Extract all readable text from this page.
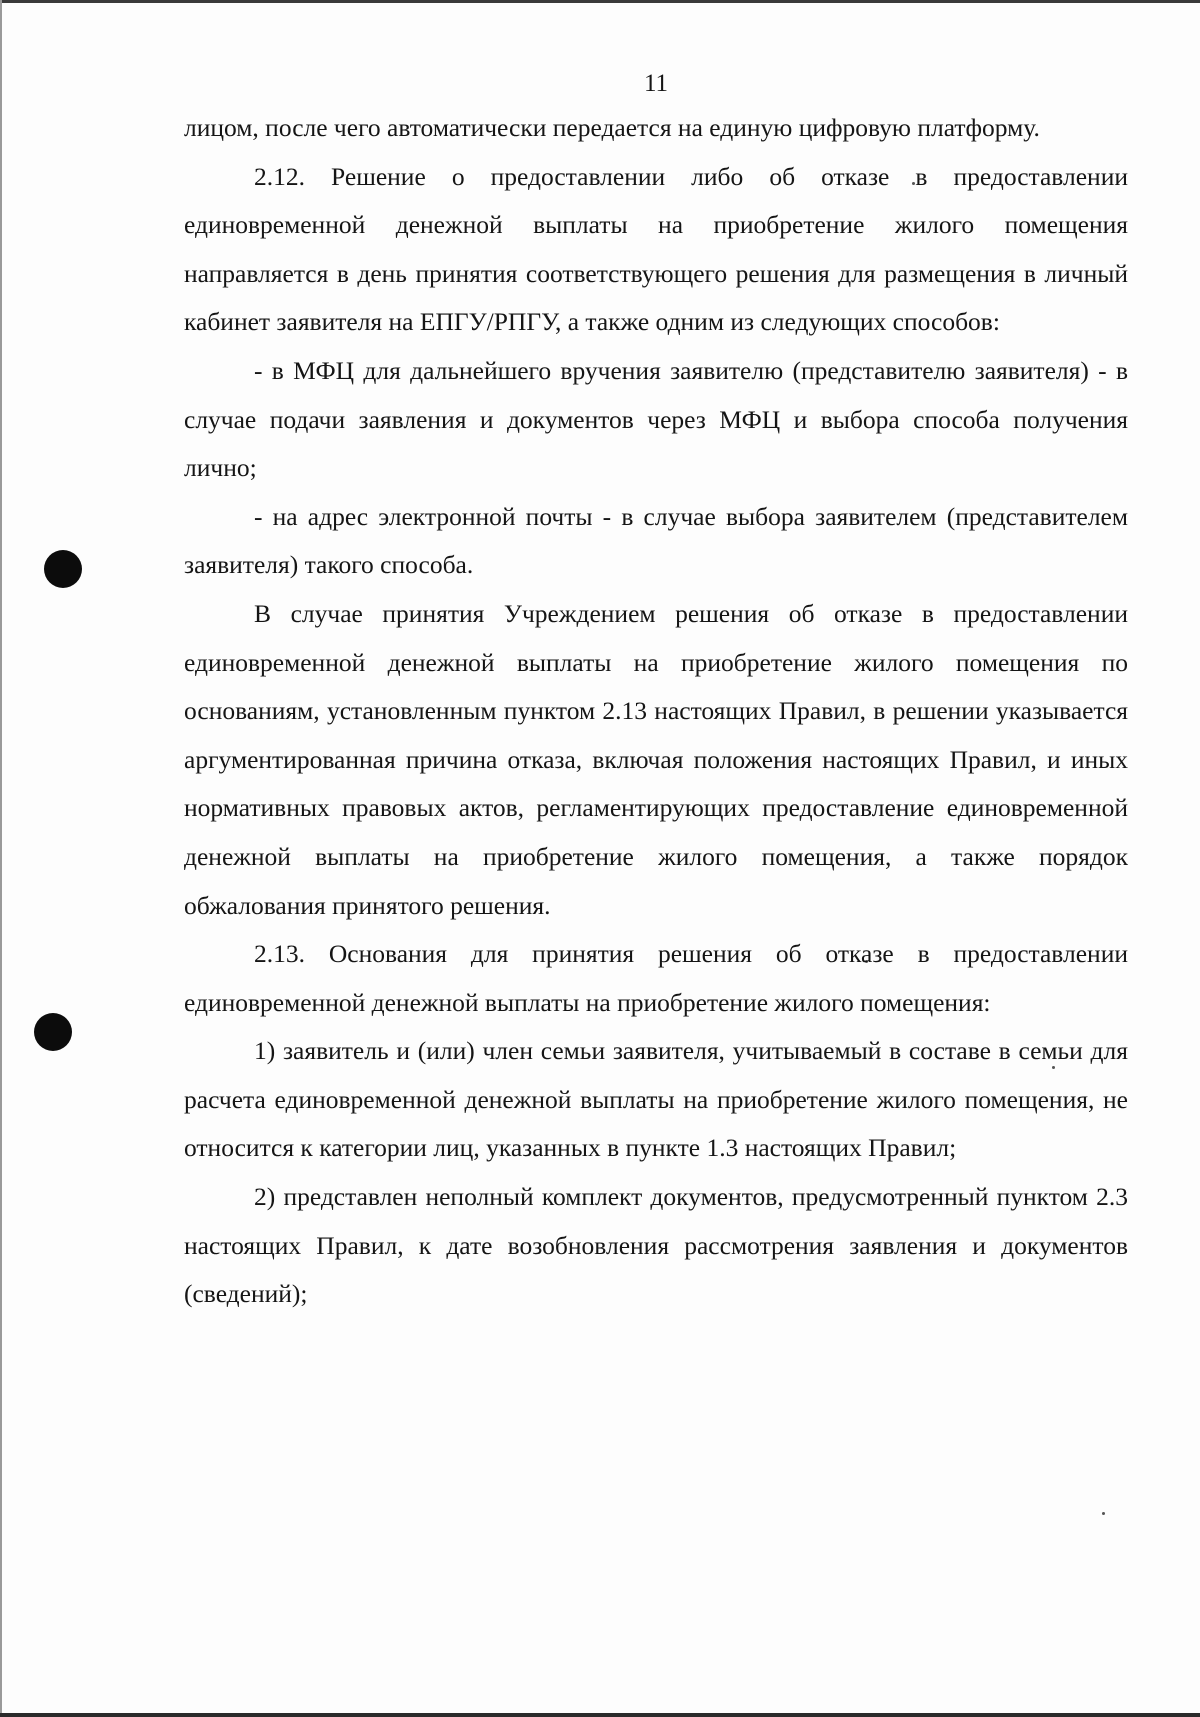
11

лицом, после чего автоматически передается на единую цифровую платформу.

2.12. Решение о предоставлении либо об отказе в предоставлении единовременной денежной выплаты на приобретение жилого помещения направляется в день принятия соответствующего решения для размещения в личный кабинет заявителя на ЕПГУ/РПГУ, а также одним из следующих способов:

- в МФЦ для дальнейшего вручения заявителю (представителю заявителя) - в случае подачи заявления и документов через МФЦ и выбора способа получения лично;

- на адрес электронной почты - в случае выбора заявителем (представителем заявителя) такого способа.

В случае принятия Учреждением решения об отказе в предоставлении единовременной денежной выплаты на приобретение жилого помещения по основаниям, установленным пунктом 2.13 настоящих Правил, в решении указывается аргументированная причина отказа, включая положения настоящих Правил, и иных нормативных правовых актов, регламентирующих предоставление единовременной денежной выплаты на приобретение жилого помещения, а также порядок обжалования принятого решения.

2.13. Основания для принятия решения об отказе в предоставлении единовременной денежной выплаты на приобретение жилого помещения:

1) заявитель и (или) член семьи заявителя, учитываемый в составе в семьи для расчета единовременной денежной выплаты на приобретение жилого помещения, не относится к категории лиц, указанных в пункте 1.3 настоящих Правил;

2) представлен неполный комплект документов, предусмотренный пунктом 2.3 настоящих Правил, к дате возобновления рассмотрения заявления и документов (сведений);
